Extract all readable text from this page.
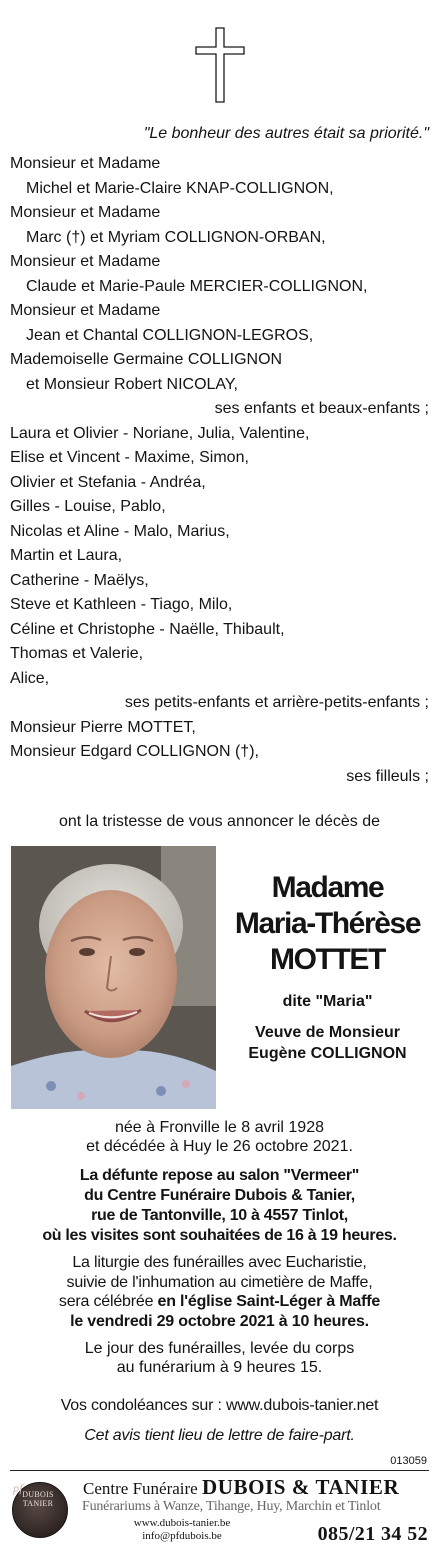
"Le bonheur des autres était sa priorité."
Monsieur et Madame
Michel et Marie-Claire KNAP-COLLIGNON,
Monsieur et Madame
Marc (†) et Myriam COLLIGNON-ORBAN,
Monsieur et Madame
Claude et Marie-Paule MERCIER-COLLIGNON,
Monsieur et Madame
Jean et Chantal COLLIGNON-LEGROS,
Mademoiselle Germaine COLLIGNON
et Monsieur Robert NICOLAY,
ses enfants et beaux-enfants ;
Laura et Olivier - Noriane, Julia, Valentine,
Elise et Vincent - Maxime, Simon,
Olivier et Stefania - Andréa,
Gilles - Louise, Pablo,
Nicolas et Aline - Malo, Marius,
Martin et Laura,
Catherine - Maëlys,
Steve et Kathleen - Tiago, Milo,
Céline et Christophe - Naëlle, Thibault,
Thomas et Valerie,
Alice,
ses petits-enfants et arrière-petits-enfants ;
Monsieur Pierre MOTTET,
Monsieur Edgard COLLIGNON (†),
ses filleuls ;
ont la tristesse de vous annoncer le décès de
Madame
Maria-Thérèse
MOTTET
dite "Maria"
Veuve de Monsieur
Eugène COLLIGNON
née à Fronville le 8 avril 1928
et décédée à Huy le 26 octobre 2021.
La défunte repose au salon "Vermeer"
du Centre Funéraire Dubois & Tanier,
rue de Tantonville, 10 à 4557 Tinlot,
où les visites sont souhaitées de 16 à 19 heures.
La liturgie des funérailles avec Eucharistie,
suivie de l'inhumation au cimetière de Maffe,
sera célébrée en l'église Saint-Léger à Maffe
le vendredi 29 octobre 2021 à 10 heures.
Le jour des funérailles, levée du corps
au funérarium à 9 heures 15.
Vos condoléances sur : www.dubois-tanier.net
Cet avis tient lieu de lettre de faire-part.
013059
pf DUBOIS
TANIER
Centre Funéraire DUBOIS & TANIER
Funérariums à Wanze, Tihange, Huy, Marchin et Tinlot
www.dubois-tanier.be
info@pfdubois.be	085/21 34 52
